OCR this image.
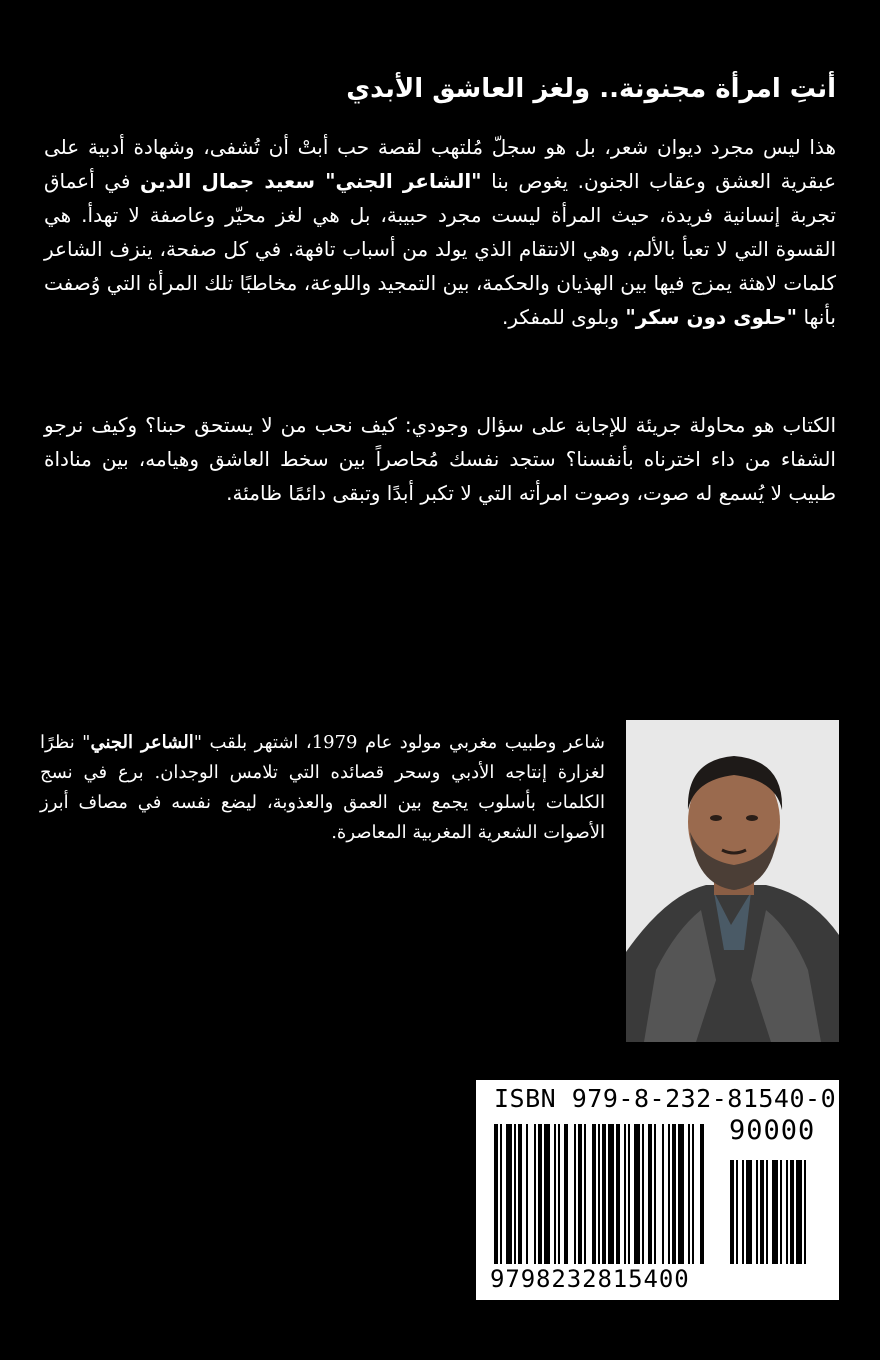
أنتِ امرأة مجنونة.. ولغز العاشق الأبدي

هذا ليس مجرد ديوان شعر، بل هو سجلّ مُلتهب لقصة حب أبتْ أن تُشفى، وشهادة أدبية على عبقرية العشق وعقاب الجنون. يغوص بنا "الشاعر الجني" سعيد جمال الدين في أعماق تجربة إنسانية فريدة، حيث المرأة ليست مجرد حبيبة، بل هي لغز محيّر وعاصفة لا تهدأ. هي القسوة التي لا تعبأ بالألم، وهي الانتقام الذي يولد من أسباب تافهة. في كل صفحة، ينزف الشاعر كلمات لاهثة يمزج فيها بين الهذيان والحكمة، بين التمجيد واللوعة، مخاطبًا تلك المرأة التي وُصفت بأنها "حلوى دون سكر" وبلوى للمفكر.

الكتاب هو محاولة جريئة للإجابة على سؤال وجودي: كيف نحب من لا يستحق حبنا؟ وكيف نرجو الشفاء من داء اخترناه بأنفسنا؟ ستجد نفسك مُحاصراً بين سخط العاشق وهيامه، بين مناداة طبيب لا يُسمع له صوت، وصوت امرأته التي لا تكبر أبدًا وتبقى دائمًا ظامئة.

شاعر وطبيب مغربي مولود عام 1979، اشتهر بلقب "الشاعر الجني" نظرًا لغزارة إنتاجه الأدبي وسحر قصائده التي تلامس الوجدان. برع في نسج الكلمات بأسلوب يجمع بين العمق والعذوبة، ليضع نفسه في مصاف أبرز الأصوات الشعرية المغربية المعاصرة.

ISBN 979-8-232-81540-0
90000
9798232815400
